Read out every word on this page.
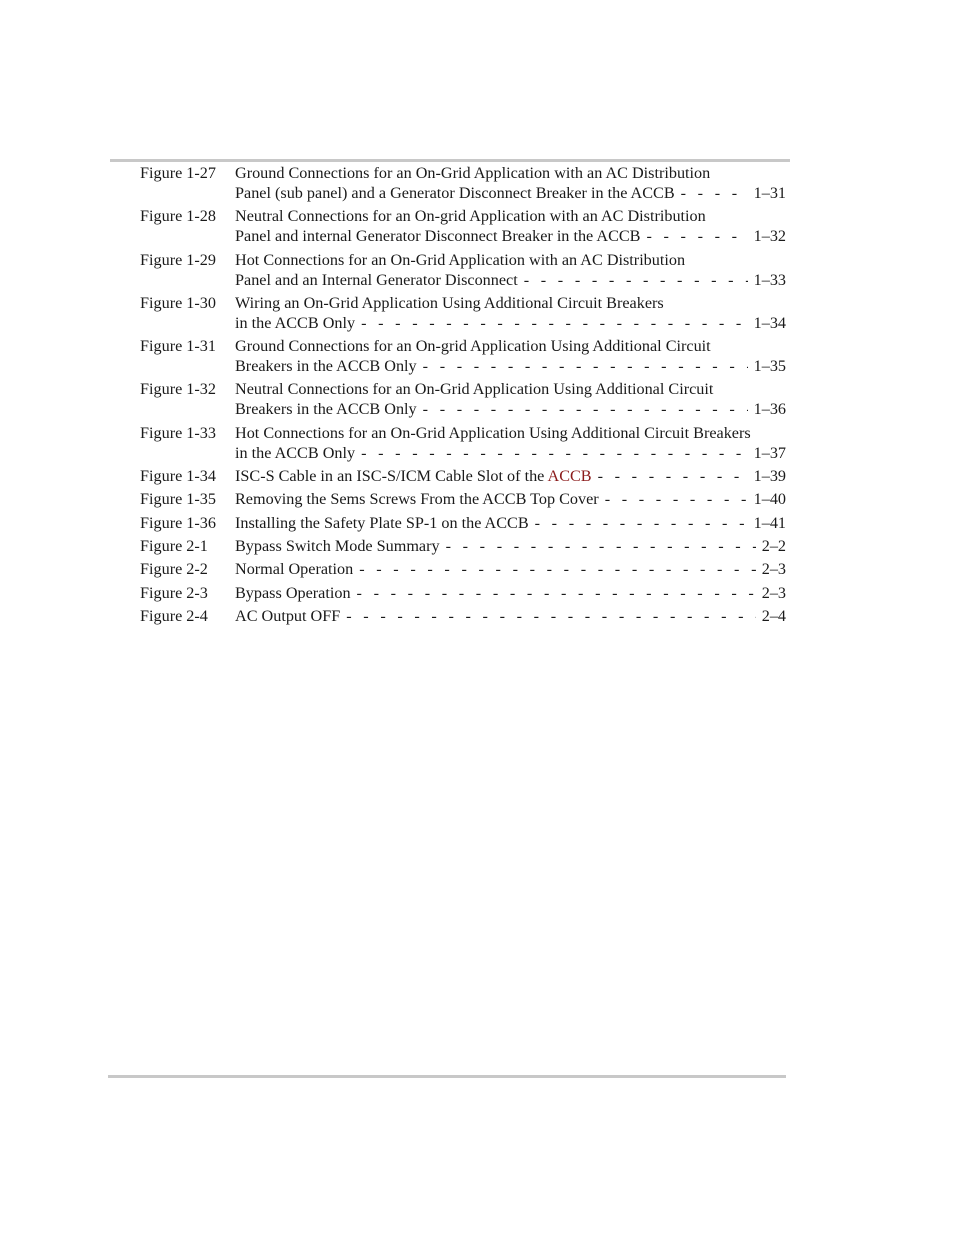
Figure 1-27 Ground Connections for an On-Grid Application with an AC Distribution
Panel (sub panel) and a Generator Disconnect Breaker in the ACCB - - -	1–31
Figure 1-28 Neutral Connections for an On-grid Application with an AC Distribution
Panel and internal Generator Disconnect Breaker in the ACCB - - -	1–32
Figure 1-29 Hot Connections for an On-Grid Application with an AC Distribution
Panel and an Internal Generator Disconnect - - -	1–33
Figure 1-30 Wiring an On-Grid Application Using Additional Circuit Breakers
in the ACCB Only - - -	1–34
Figure 1-31 Ground Connections for an On-grid Application Using Additional Circuit
Breakers in the ACCB Only - - -	1–35
Figure 1-32 Neutral Connections for an On-Grid Application Using Additional Circuit
Breakers in the ACCB Only - - -	1–36
Figure 1-33 Hot Connections for an On-Grid Application Using Additional Circuit Breakers
in the ACCB Only - - -	1–37
Figure 1-34 ISC-S Cable in an ISC-S/ICM Cable Slot of the ACCB - - -	1–39
Figure 1-35 Removing the Sems Screws From the ACCB Top Cover - - -	1–40
Figure 1-36 Installing the Safety Plate SP-1 on the ACCB - - -	1–41
Figure 2-1 Bypass Switch Mode Summary - - -	2–2
Figure 2-2 Normal Operation - - -	2–3
Figure 2-3 Bypass Operation - - -	2–3
Figure 2-4 AC Output OFF - - -	2–4
